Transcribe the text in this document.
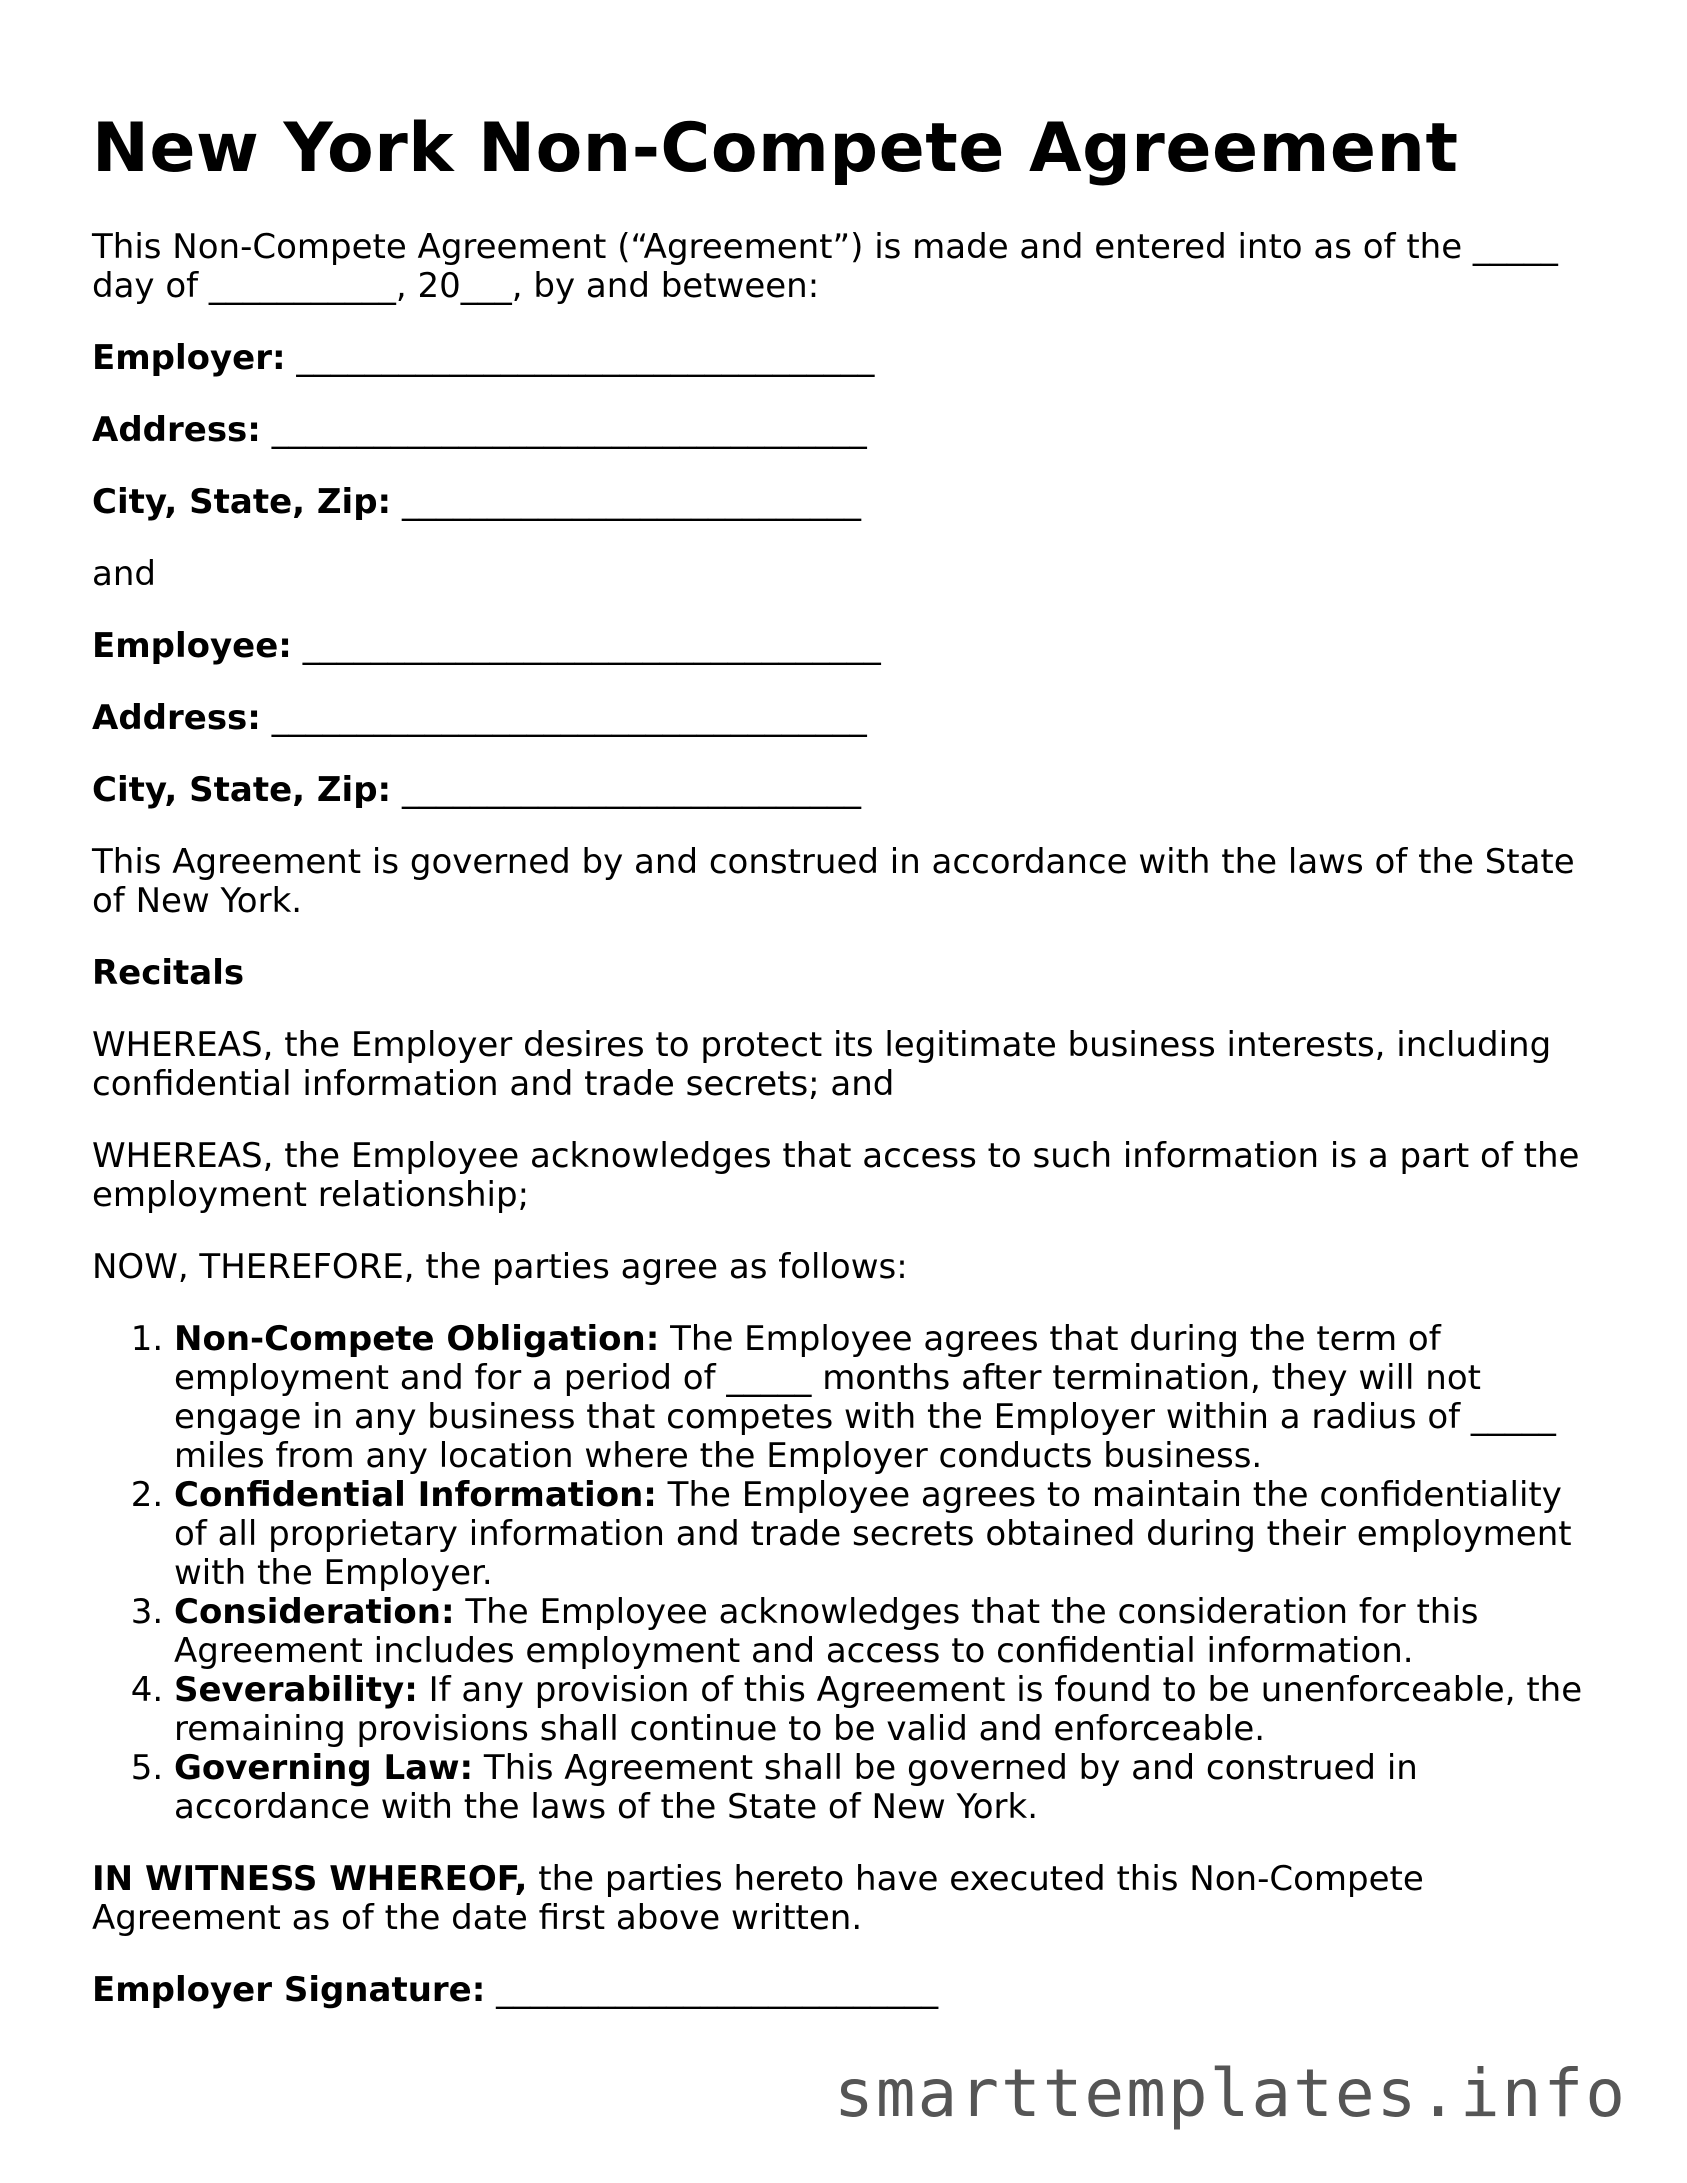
New York Non-Compete Agreement

This Non-Compete Agreement (“Agreement”) is made and entered into as of the _____ day of ___________, 20___, by and between:

Employer: __________________________________

Address: ___________________________________

City, State, Zip: ___________________________

and

Employee: __________________________________

Address: ___________________________________

City, State, Zip: ___________________________

This Agreement is governed by and construed in accordance with the laws of the State of New York.

Recitals

WHEREAS, the Employer desires to protect its legitimate business interests, including confidential information and trade secrets; and

WHEREAS, the Employee acknowledges that access to such information is a part of the employment relationship;

NOW, THEREFORE, the parties agree as follows:

1. Non-Compete Obligation: The Employee agrees that during the term of employment and for a period of _____ months after termination, they will not engage in any business that competes with the Employer within a radius of _____ miles from any location where the Employer conducts business.
2. Confidential Information: The Employee agrees to maintain the confidentiality of all proprietary information and trade secrets obtained during their employment with the Employer.
3. Consideration: The Employee acknowledges that the consideration for this Agreement includes employment and access to confidential information.
4. Severability: If any provision of this Agreement is found to be unenforceable, the remaining provisions shall continue to be valid and enforceable.
5. Governing Law: This Agreement shall be governed by and construed in accordance with the laws of the State of New York.

IN WITNESS WHEREOF, the parties hereto have executed this Non-Compete Agreement as of the date first above written.

Employer Signature: __________________________

smarttemplates.info
